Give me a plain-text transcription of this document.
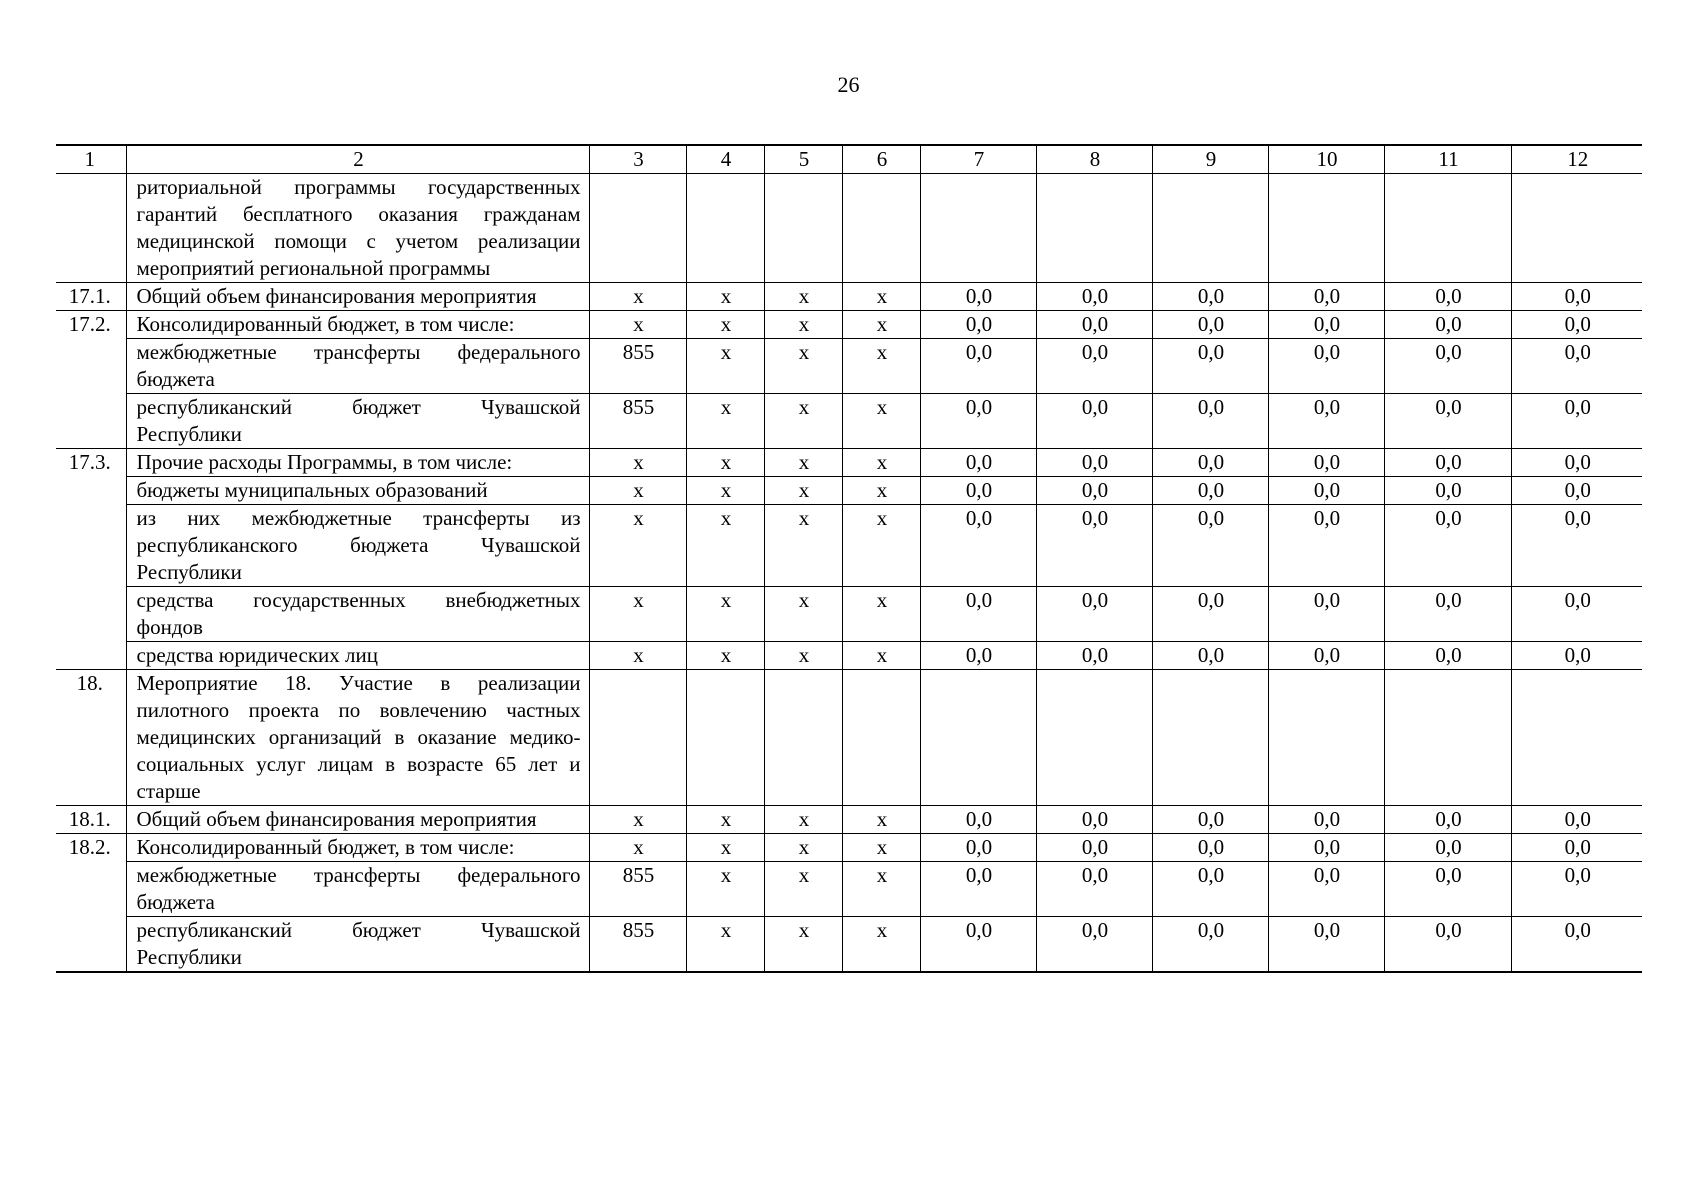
26
1	2	3	4	5	6	7	8	9	10	11	12
	риториальной программы государственных гарантий бесплатного оказания гражданам медицинской помощи с учетом реализации мероприятий региональной программы										
17.1.	Общий объем финансирования мероприятия	x	x	x	x	0,0	0,0	0,0	0,0	0,0	0,0
17.2.	Консолидированный бюджет, в том числе:	x	x	x	x	0,0	0,0	0,0	0,0	0,0	0,0
	межбюджетные трансферты федерального бюджета	855	x	x	x	0,0	0,0	0,0	0,0	0,0	0,0
	республиканский бюджет Чувашской Республики	855	x	x	x	0,0	0,0	0,0	0,0	0,0	0,0
17.3.	Прочие расходы Программы, в том числе:	x	x	x	x	0,0	0,0	0,0	0,0	0,0	0,0
	бюджеты муниципальных образований	x	x	x	x	0,0	0,0	0,0	0,0	0,0	0,0
	из них межбюджетные трансферты из республиканского бюджета Чувашской Республики	x	x	x	x	0,0	0,0	0,0	0,0	0,0	0,0
	средства государственных внебюджетных фондов	x	x	x	x	0,0	0,0	0,0	0,0	0,0	0,0
	средства юридических лиц	x	x	x	x	0,0	0,0	0,0	0,0	0,0	0,0
18.	Мероприятие 18. Участие в реализации пилотного проекта по вовлечению частных медицинских организаций в оказание медико-социальных услуг лицам в возрасте 65 лет и старше										
18.1.	Общий объем финансирования мероприятия	x	x	x	x	0,0	0,0	0,0	0,0	0,0	0,0
18.2.	Консолидированный бюджет, в том числе:	x	x	x	x	0,0	0,0	0,0	0,0	0,0	0,0
	межбюджетные трансферты федерального бюджета	855	x	x	x	0,0	0,0	0,0	0,0	0,0	0,0
	республиканский бюджет Чувашской Республики	855	x	x	x	0,0	0,0	0,0	0,0	0,0	0,0
